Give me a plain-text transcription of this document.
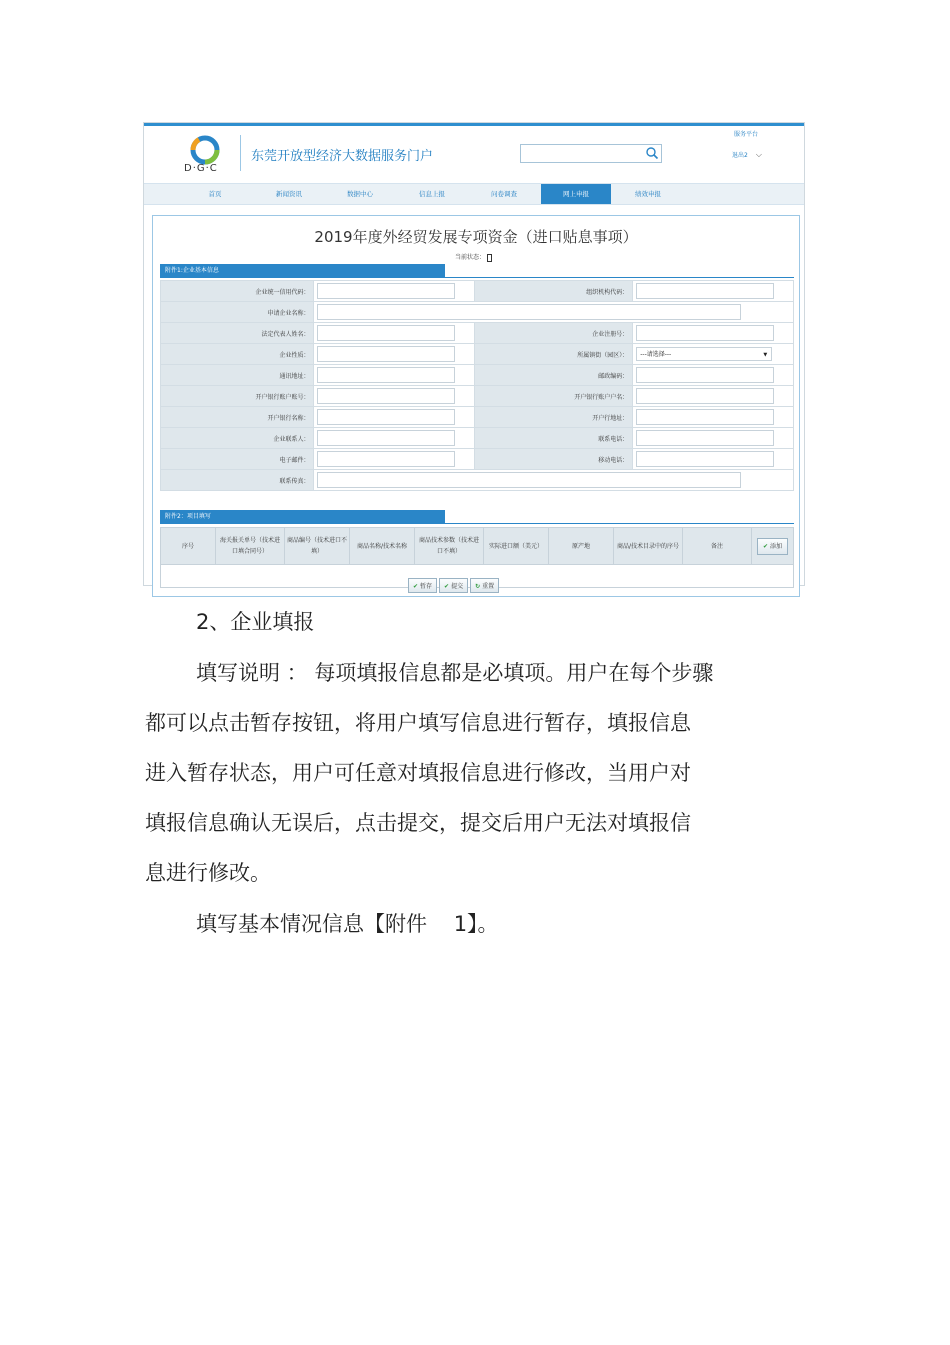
D·G·C
东莞开放型经济大数据服务门户
服务平台
退出2 ⌵
首页	新闻资讯	数据中心	信息上报	问卷调查	网上申报	绩效申报
2019年度外经贸发展专项资金（进口贴息事项）
当前状态：
附件1:企业基本信息
企业统一信用代码：		组织机构代码：	
申请企业名称：			
法定代表人姓名：		企业注册号：	
企业性质：		所属镇街（园区）：	---请选择--- ▼

通讯地址：		邮政编码：	
开户银行账户账号：		开户银行账户户名：	
开户银行名称：		开户行地址：	
企业联系人：		联系电话：	
电子邮件：		移动电话：	
联系传真：			
附件2：项目填写
序号	海关报关单号（技术进口填合同号）	商品编号（技术进口不填）	商品名称/技术名称	商品技术参数（技术进口不填）	实际进口额（美元）	原产地	商品/技术目录中的序号	备注	✔ 添加

✔ 暂存 ✔ 提交 ↻ 重置
2、企业填报
填写说明 ： 每项填报信息都是必填项。用户在每个步骤
都可以点击暂存按钮，将用户填写信息进行暂存，填报信息
进入暂存状态，用户可任意对填报信息进行修改，当用户对
填报信息确认无误后，点击提交，提交后用户无法对填报信
息进行修改。
填写基本情况信息【附件    1】。
